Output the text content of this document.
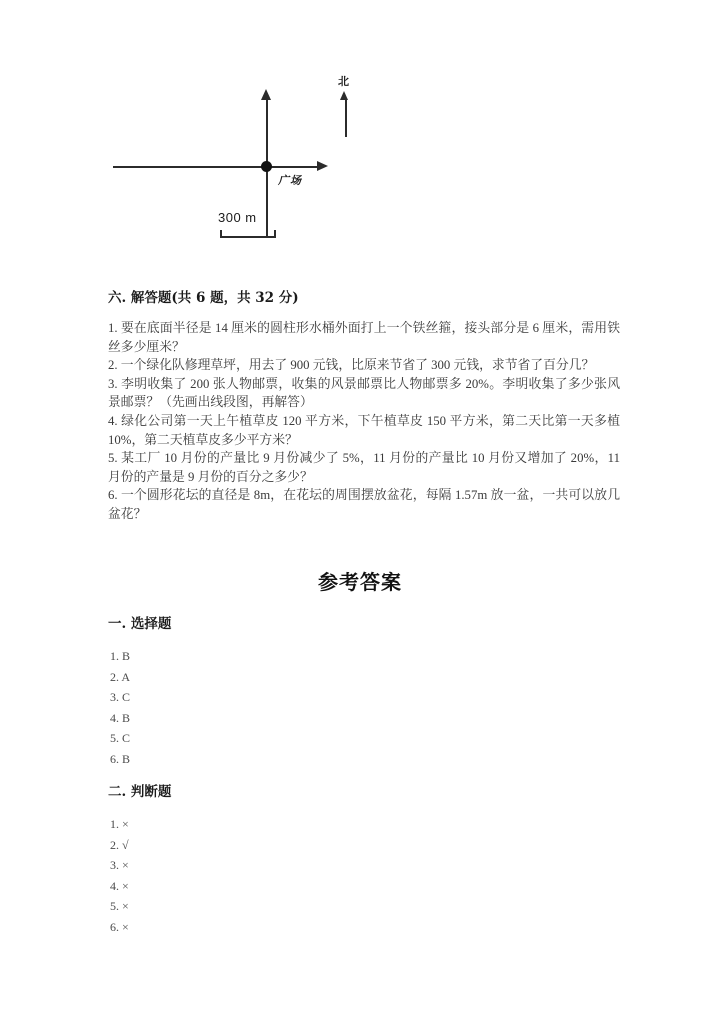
广场
北
300 m
六. 解答题(共 6 题，共 32 分)

1. 要在底面半径是 14 厘米的圆柱形水桶外面打上一个铁丝箍，接头部分是 6 厘米，需用铁丝多少厘米？

2. 一个绿化队修理草坪，用去了 900 元钱，比原来节省了 300 元钱，求节省了百分几？

3. 李明收集了 200 张人物邮票，收集的风景邮票比人物邮票多 20%。李明收集了多少张风景邮票？（先画出线段图，再解答）

4. 绿化公司第一天上午植草皮 120 平方米，下午植草皮 150 平方米，第二天比第一天多植 10%，第二天植草皮多少平方米？

5. 某工厂 10 月份的产量比 9 月份减少了 5%，11 月份的产量比 10 月份又增加了 20%，11 月份的产量是 9 月份的百分之多少？

6. 一个圆形花坛的直径是 8m，在花坛的周围摆放盆花，每隔 1.57m 放一盆，一共可以放几盆花？

参考答案
一. 选择题

1. B

2. A

3. C

4. B

5. C

6. B

二. 判断题

1. ×

2. √

3. ×

4. ×

5. ×

6. ×
